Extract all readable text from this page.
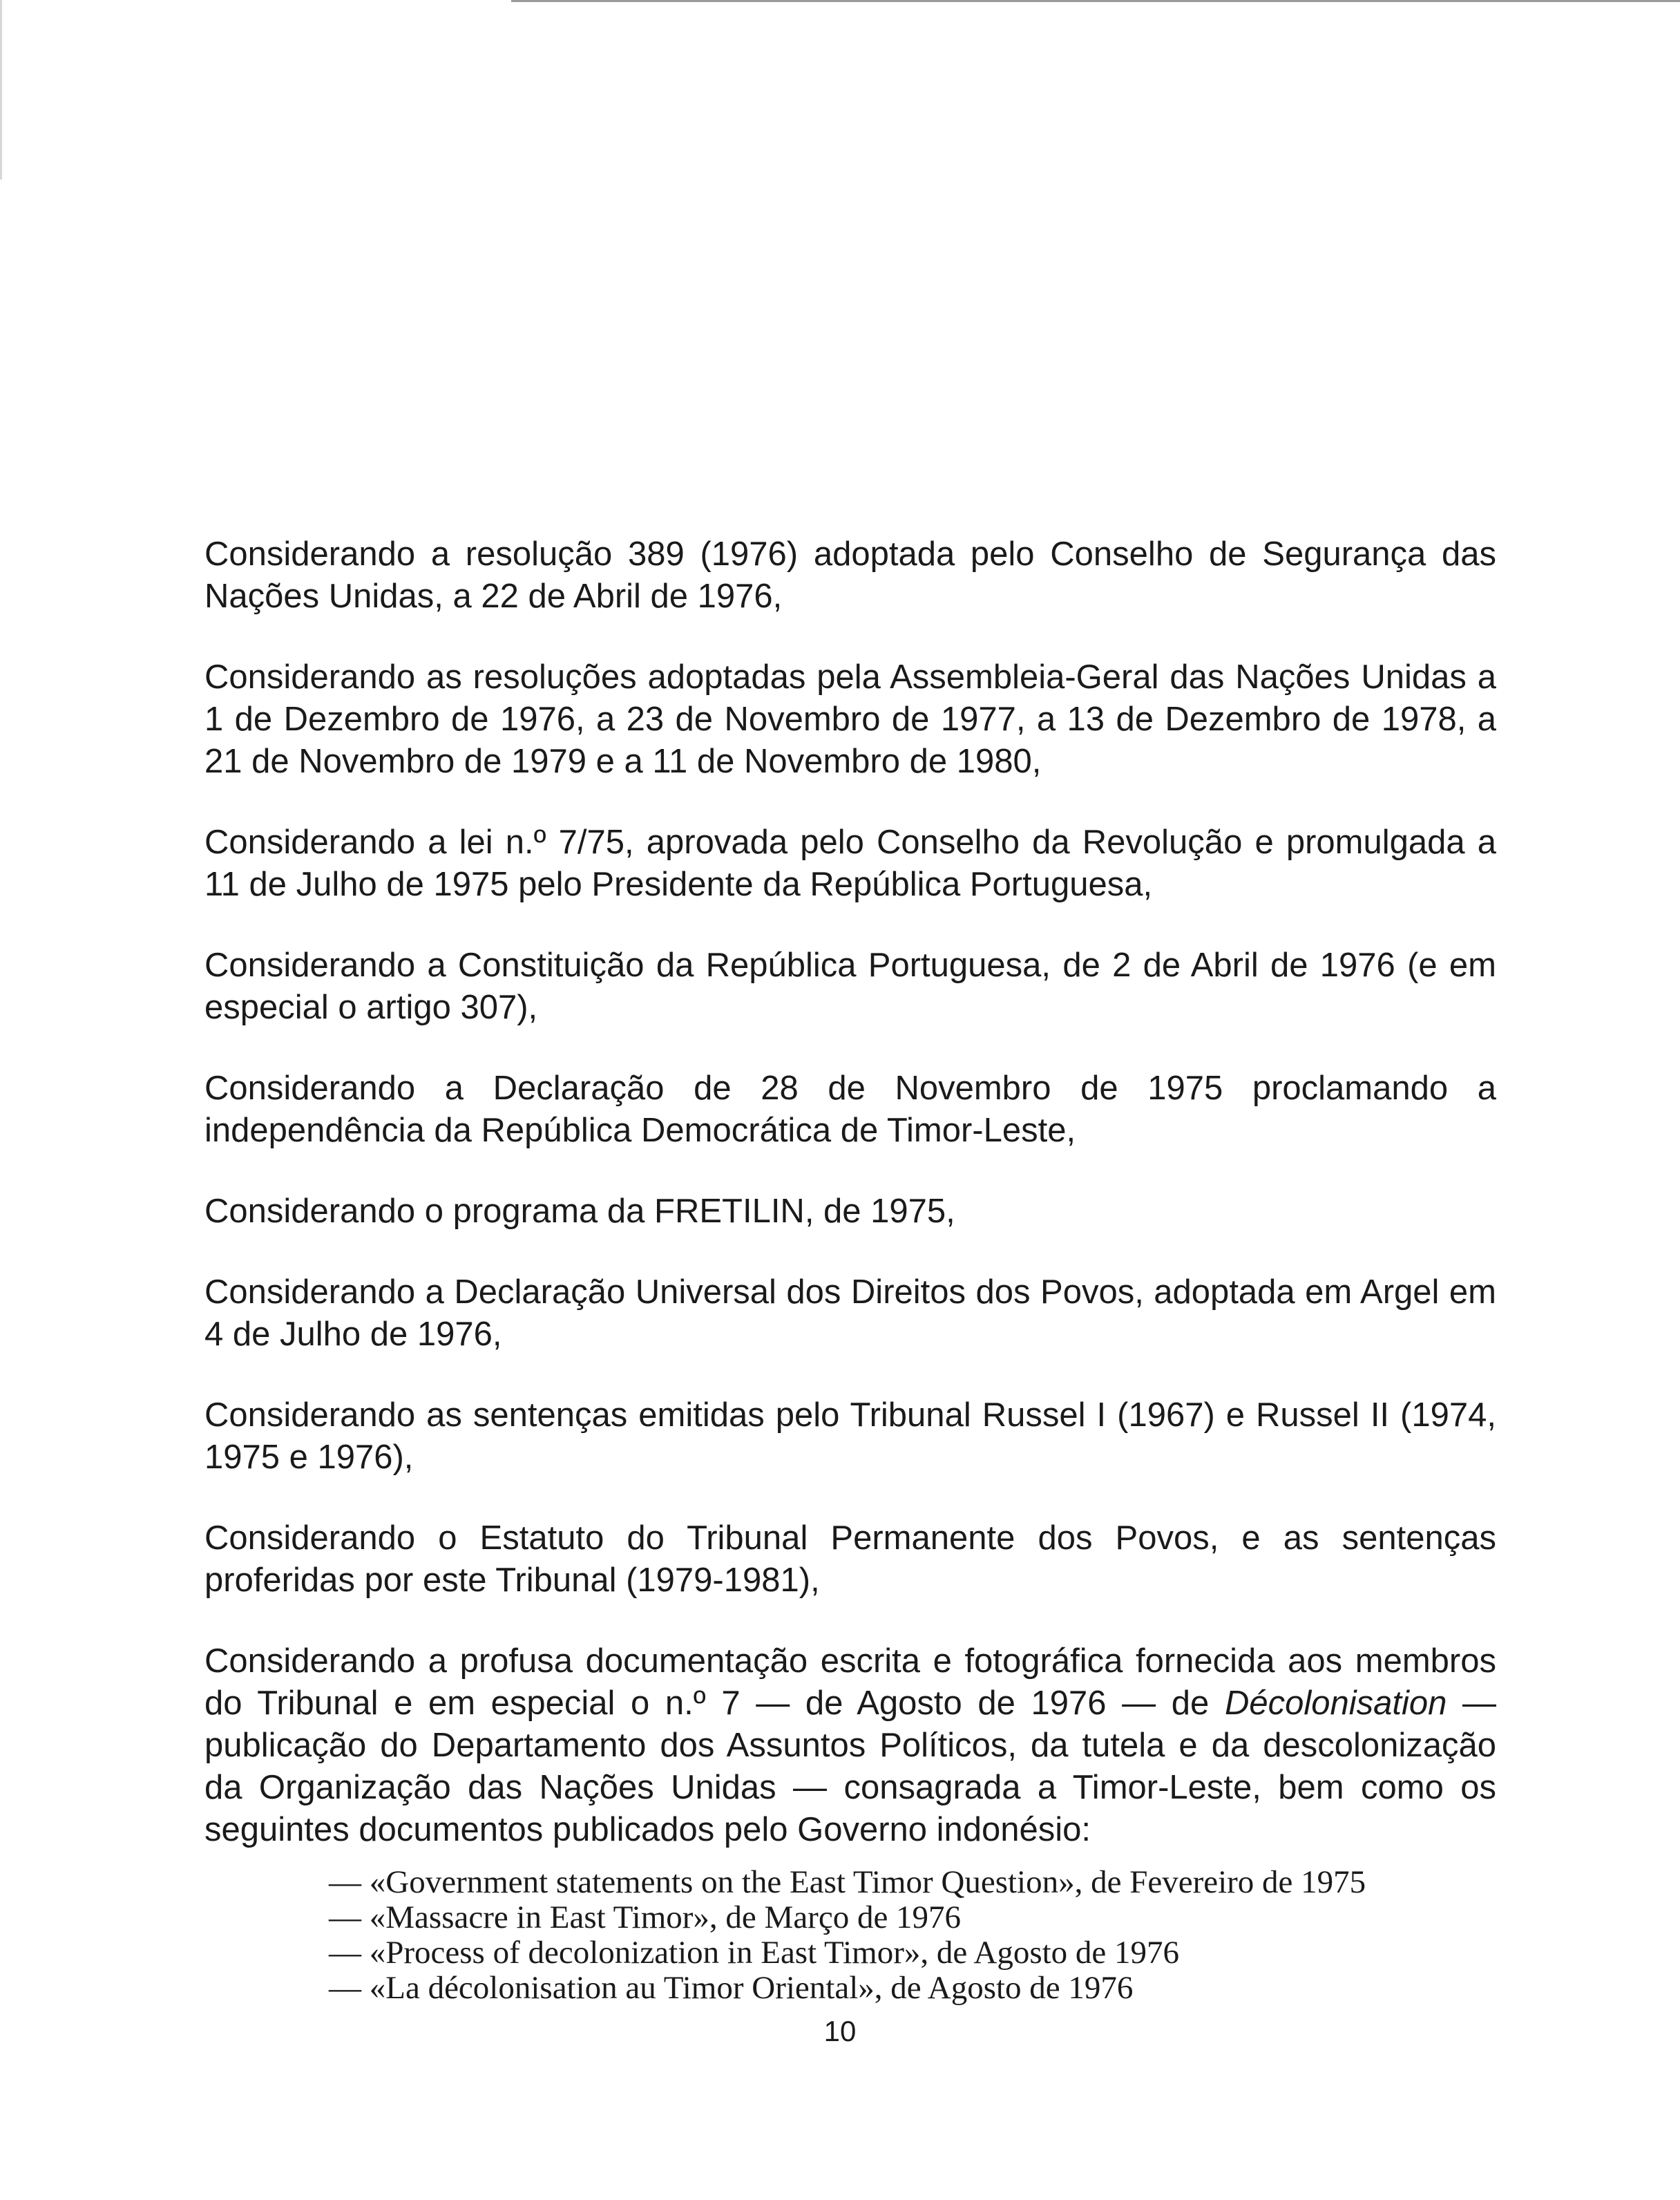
Considerando a resolução 389 (1976) adoptada pelo Conselho de Segurança das Nações Unidas, a 22 de Abril de 1976,

Considerando as resoluções adoptadas pela Assembleia-Geral das Nações Unidas a 1 de Dezembro de 1976, a 23 de Novembro de 1977, a 13 de Dezembro de 1978, a 21 de Novembro de 1979 e a 11 de Novembro de 1980,

Considerando a lei n.º 7/75, aprovada pelo Conselho da Revolução e promulgada a 11 de Julho de 1975 pelo Presidente da República Portuguesa,

Considerando a Constituição da República Portuguesa, de 2 de Abril de 1976 (e em especial o artigo 307),

Considerando a Declaração de 28 de Novembro de 1975 proclamando a independência da República Democrática de Timor-Leste,

Considerando o programa da FRETILIN, de 1975,

Considerando a Declaração Universal dos Direitos dos Povos, adoptada em Argel em 4 de Julho de 1976,

Considerando as sentenças emitidas pelo Tribunal Russel I (1967) e Russel II (1974, 1975 e 1976),

Considerando o Estatuto do Tribunal Permanente dos Povos, e as sentenças proferidas por este Tribunal (1979-1981),

Considerando a profusa documentação escrita e fotográfica fornecida aos membros do Tribunal e em especial o n.º 7 — de Agosto de 1976 — de Décolonisation — publicação do Departamento dos Assuntos Políticos, da tutela e da descolonização da Organização das Nações Unidas — consagrada a Timor-Leste, bem como os seguintes documentos publicados pelo Governo indonésio:

— «Government statements on the East Timor Question», de Fevereiro de 1975
— «Massacre in East Timor», de Março de 1976
— «Process of decolonization in East Timor», de Agosto de 1976
— «La décolonisation au Timor Oriental», de Agosto de 1976
10
